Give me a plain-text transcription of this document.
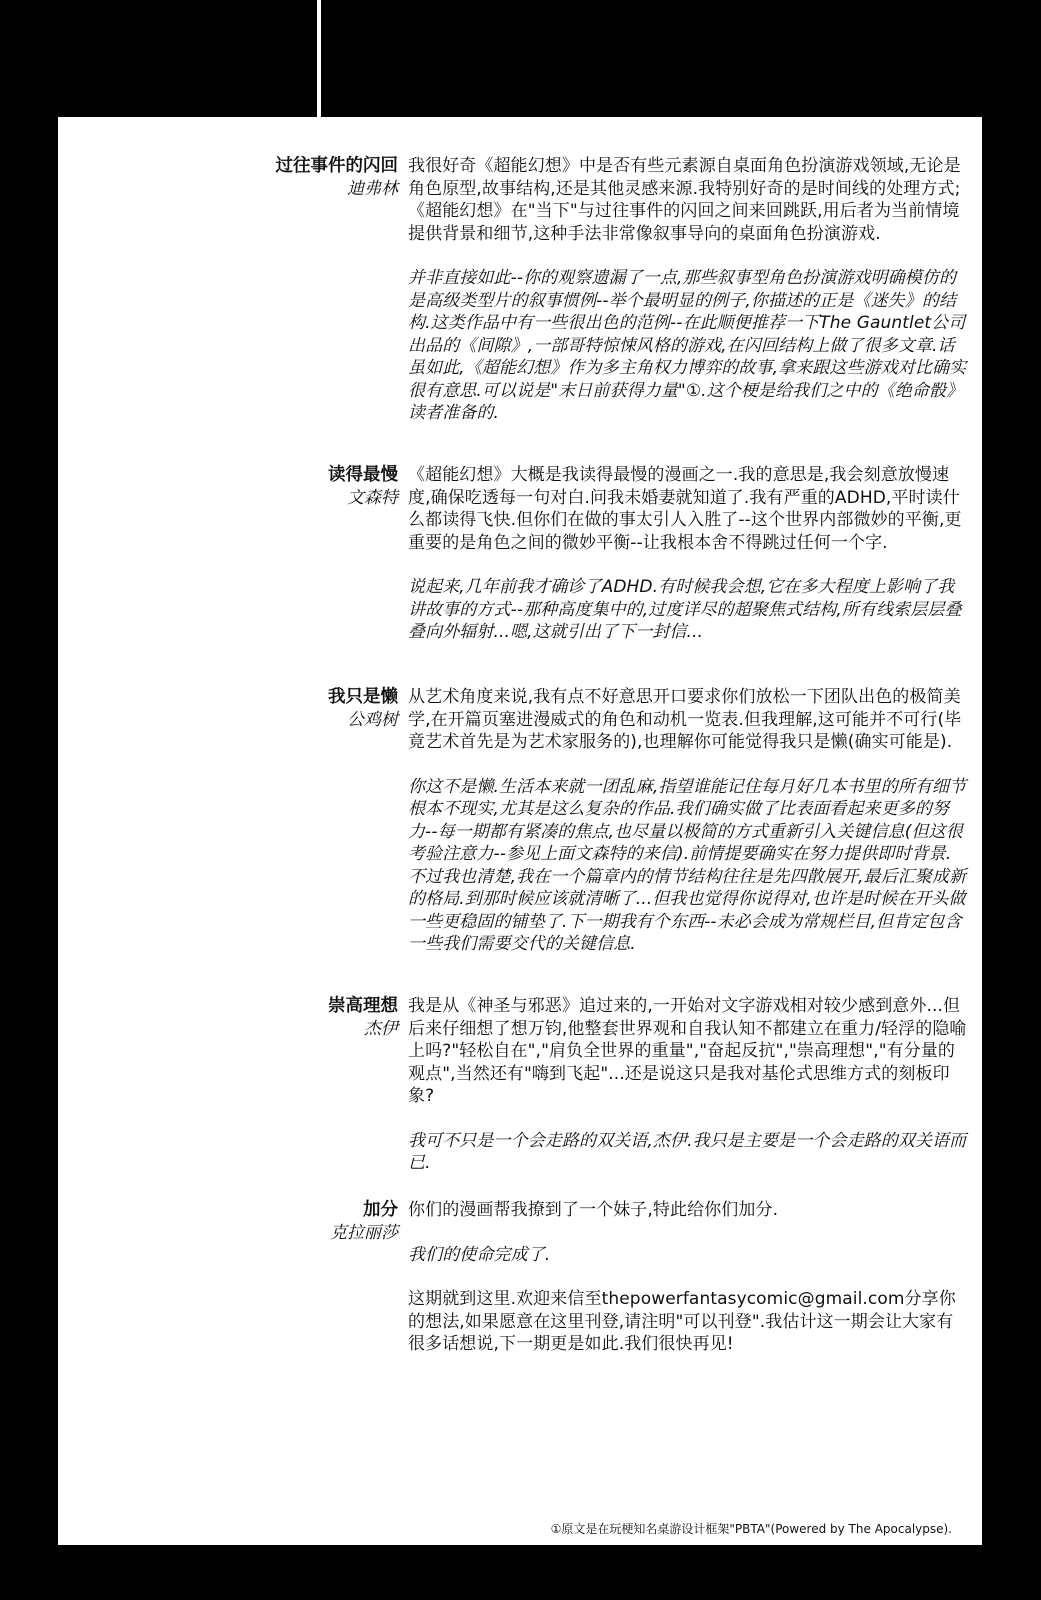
过往事件的闪回
迪弗林

我很好奇《超能幻想》中是否有些元素源自桌面角色扮演游戏领域,无论是角色原型,故事结构,还是其他灵感来源.我特别好奇的是时间线的处理方式;《超能幻想》在"当下"与过往事件的闪回之间来回跳跃,用后者为当前情境提供背景和细节,这种手法非常像叙事导向的桌面角色扮演游戏.

并非直接如此--你的观察遗漏了一点,那些叙事型角色扮演游戏明确模仿的是高级类型片的叙事惯例--举个最明显的例子,你描述的正是《迷失》的结构.这类作品中有一些很出色的范例--在此顺便推荐一下The Gauntlet公司出品的《间隙》,一部哥特惊悚风格的游戏,在闪回结构上做了很多文章.话虽如此,《超能幻想》作为多主角权力博弈的故事,拿来跟这些游戏对比确实很有意思.可以说是"末日前获得力量"①.这个梗是给我们之中的《绝命骰》读者准备的.

读得最慢
文森特

《超能幻想》大概是我读得最慢的漫画之一.我的意思是,我会刻意放慢速度,确保吃透每一句对白.问我未婚妻就知道了.我有严重的ADHD,平时读什么都读得飞快.但你们在做的事太引人入胜了--这个世界内部微妙的平衡,更重要的是角色之间的微妙平衡--让我根本舍不得跳过任何一个字.

说起来,几年前我才确诊了ADHD.有时候我会想,它在多大程度上影响了我讲故事的方式--那种高度集中的,过度详尽的超聚焦式结构,所有线索层层叠叠向外辐射...嗯,这就引出了下一封信...

我只是懒
公鸡树

从艺术角度来说,我有点不好意思开口要求你们放松一下团队出色的极简美学,在开篇页塞进漫威式的角色和动机一览表.但我理解,这可能并不可行(毕竟艺术首先是为艺术家服务的),也理解你可能觉得我只是懒(确实可能是).

你这不是懒.生活本来就一团乱麻,指望谁能记住每月好几本书里的所有细节根本不现实,尤其是这么复杂的作品.我们确实做了比表面看起来更多的努力--每一期都有紧凑的焦点,也尽量以极简的方式重新引入关键信息(但这很考验注意力--参见上面文森特的来信).前情提要确实在努力提供即时背景.不过我也清楚,我在一个篇章内的情节结构往往是先四散展开,最后汇聚成新的格局.到那时候应该就清晰了...但我也觉得你说得对,也许是时候在开头做一些更稳固的铺垫了.下一期我有个东西--未必会成为常规栏目,但肯定包含一些我们需要交代的关键信息.

崇高理想
杰伊

我是从《神圣与邪恶》追过来的,一开始对文字游戏相对较少感到意外...但后来仔细想了想万钧,他整套世界观和自我认知不都建立在重力/轻浮的隐喻上吗?"轻松自在","肩负全世界的重量","奋起反抗","崇高理想","有分量的观点",当然还有"嗨到飞起"...还是说这只是我对基伦式思维方式的刻板印象?

我可不只是一个会走路的双关语,杰伊.我只是主要是一个会走路的双关语而已.

加分
克拉丽莎

你们的漫画帮我撩到了一个妹子,特此给你们加分.

我们的使命完成了.

这期就到这里.欢迎来信至thepowerfantasycomic@gmail.com分享你的想法,如果愿意在这里刊登,请注明"可以刊登".我估计这一期会让大家有很多话想说,下一期更是如此.我们很快再见!

①原文是在玩梗知名桌游设计框架"PBTA"(Powered by The Apocalypse).
